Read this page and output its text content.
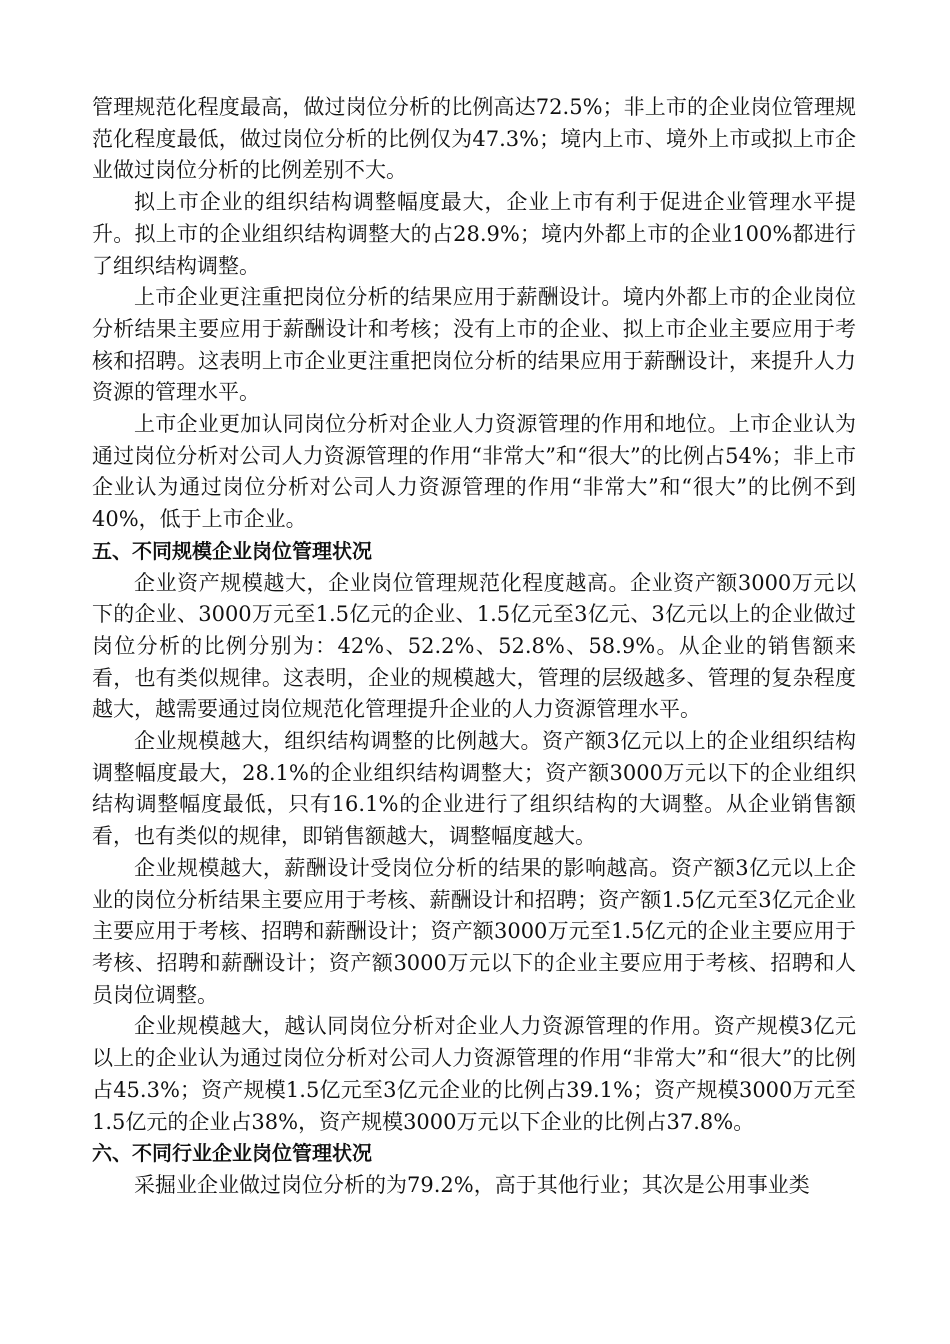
管理规范化程度最高，做过岗位分析的比例高达72.5%；非上市的企业岗位管理规范化程度最低，做过岗位分析的比例仅为47.3%；境内上市、境外上市或拟上市企业做过岗位分析的比例差别不大。

拟上市企业的组织结构调整幅度最大，企业上市有利于促进企业管理水平提升。拟上市的企业组织结构调整大的占28.9%；境内外都上市的企业100%都进行了组织结构调整。

上市企业更注重把岗位分析的结果应用于薪酬设计。境内外都上市的企业岗位分析结果主要应用于薪酬设计和考核；没有上市的企业、拟上市企业主要应用于考核和招聘。这表明上市企业更注重把岗位分析的结果应用于薪酬设计，来提升人力资源的管理水平。

上市企业更加认同岗位分析对企业人力资源管理的作用和地位。上市企业认为通过岗位分析对公司人力资源管理的作用“非常大”和“很大”的比例占54%；非上市企业认为通过岗位分析对公司人力资源管理的作用“非常大”和“很大”的比例不到40%，低于上市企业。

五、不同规模企业岗位管理状况

企业资产规模越大，企业岗位管理规范化程度越高。企业资产额3000万元以下的企业、3000万元至1.5亿元的企业、1.5亿元至3亿元、3亿元以上的企业做过岗位分析的比例分别为：42%、52.2%、52.8%、58.9%。从企业的销售额来看，也有类似规律。这表明，企业的规模越大，管理的层级越多、管理的复杂程度越大，越需要通过岗位规范化管理提升企业的人力资源管理水平。

企业规模越大，组织结构调整的比例越大。资产额3亿元以上的企业组织结构调整幅度最大，28.1%的企业组织结构调整大；资产额3000万元以下的企业组织结构调整幅度最低，只有16.1%的企业进行了组织结构的大调整。从企业销售额看，也有类似的规律，即销售额越大，调整幅度越大。

企业规模越大，薪酬设计受岗位分析的结果的影响越高。资产额3亿元以上企业的岗位分析结果主要应用于考核、薪酬设计和招聘；资产额1.5亿元至3亿元企业主要应用于考核、招聘和薪酬设计；资产额3000万元至1.5亿元的企业主要应用于考核、招聘和薪酬设计；资产额3000万元以下的企业主要应用于考核、招聘和人员岗位调整。

企业规模越大，越认同岗位分析对企业人力资源管理的作用。资产规模3亿元以上的企业认为通过岗位分析对公司人力资源管理的作用“非常大”和“很大”的比例占45.3%；资产规模1.5亿元至3亿元企业的比例占39.1%；资产规模3000万元至1.5亿元的企业占38%，资产规模3000万元以下企业的比例占37.8%。

六、不同行业企业岗位管理状况

采掘业企业做过岗位分析的为79.2%，高于其他行业；其次是公用事业类
